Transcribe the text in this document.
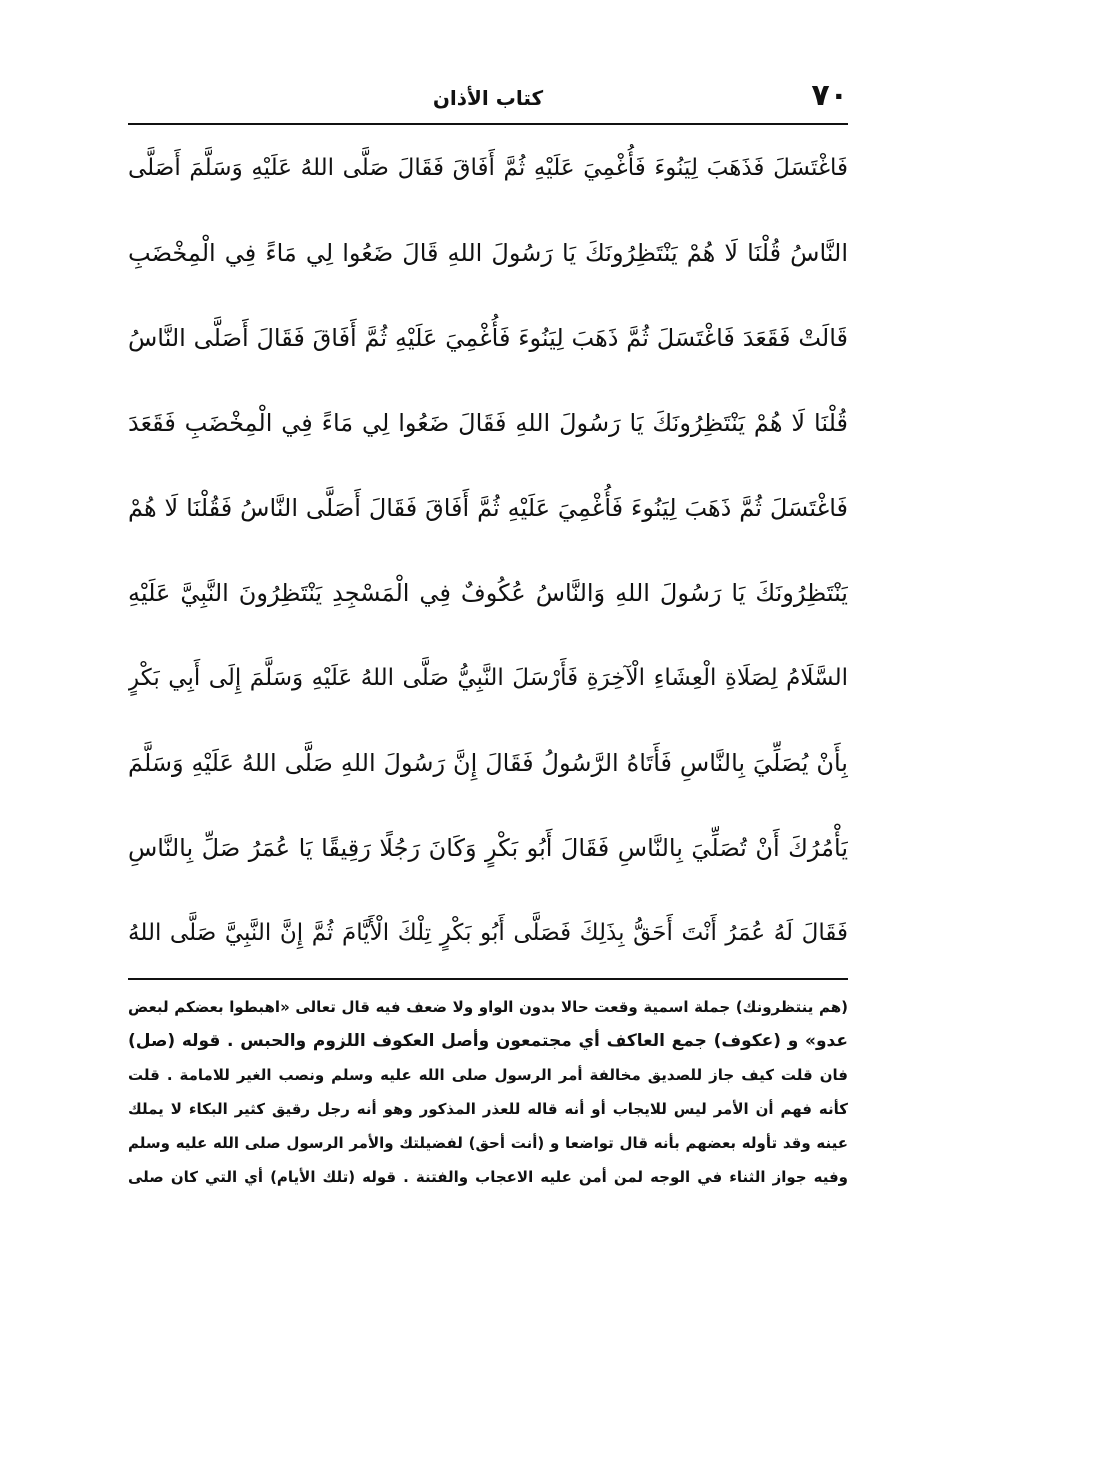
٧٠
كتاب الأذان

فَاغْتَسَلَ فَذَهَبَ لِيَنُوءَ فَأُغْمِيَ عَلَيْهِ ثُمَّ أَفَاقَ فَقَالَ صَلَّى اللهُ عَلَيْهِ وَسَلَّمَ أَصَلَّى

النَّاسُ قُلْنَا لَا هُمْ يَنْتَظِرُونَكَ يَا رَسُولَ اللهِ قَالَ ضَعُوا لِي مَاءً فِي الْمِخْضَبِ

قَالَتْ فَقَعَدَ فَاغْتَسَلَ ثُمَّ ذَهَبَ لِيَنُوءَ فَأُغْمِيَ عَلَيْهِ ثُمَّ أَفَاقَ فَقَالَ أَصَلَّى النَّاسُ

قُلْنَا لَا هُمْ يَنْتَظِرُونَكَ يَا رَسُولَ اللهِ فَقَالَ ضَعُوا لِي مَاءً فِي الْمِخْضَبِ فَقَعَدَ

فَاغْتَسَلَ ثُمَّ ذَهَبَ لِيَنُوءَ فَأُغْمِيَ عَلَيْهِ ثُمَّ أَفَاقَ فَقَالَ أَصَلَّى النَّاسُ فَقُلْنَا لَا هُمْ

يَنْتَظِرُونَكَ يَا رَسُولَ اللهِ وَالنَّاسُ عُكُوفٌ فِي الْمَسْجِدِ يَنْتَظِرُونَ النَّبِيَّ عَلَيْهِ

السَّلَامُ لِصَلَاةِ الْعِشَاءِ الْآخِرَةِ فَأَرْسَلَ النَّبِيُّ صَلَّى اللهُ عَلَيْهِ وَسَلَّمَ إِلَى أَبِي بَكْرٍ

بِأَنْ يُصَلِّيَ بِالنَّاسِ فَأَتَاهُ الرَّسُولُ فَقَالَ إِنَّ رَسُولَ اللهِ صَلَّى اللهُ عَلَيْهِ وَسَلَّمَ

يَأْمُرُكَ أَنْ تُصَلِّيَ بِالنَّاسِ فَقَالَ أَبُو بَكْرٍ وَكَانَ رَجُلًا رَقِيقًا يَا عُمَرُ صَلِّ بِالنَّاسِ

فَقَالَ لَهُ عُمَرُ أَنْتَ أَحَقُّ بِذَلِكَ فَصَلَّى أَبُو بَكْرٍ تِلْكَ الْأَيَّامَ ثُمَّ إِنَّ النَّبِيَّ صَلَّى اللهُ

(هم ينتظرونك) جملة اسمية وقعت حالا بدون الواو ولا ضعف فيه قال تعالى «اهبطوا بعضكم لبعض

عدو» و (عكوف) جمع العاكف أي مجتمعون وأصل العكوف اللزوم والحبس . قوله (صل)

فان قلت كيف جاز للصديق مخالفة أمر الرسول صلى الله عليه وسلم ونصب الغير للامامة . قلت

كأنه فهم أن الأمر ليس للايجاب أو أنه قاله للعذر المذكور وهو أنه رجل رقيق كثير البكاء لا يملك

عينه وقد تأوله بعضهم بأنه قال تواضعا و (أنت أحق) لفضيلتك والأمر الرسول صلى الله عليه وسلم

وفيه جواز الثناء في الوجه لمن أمن عليه الاعجاب والفتنة . قوله (تلك الأيام) أي التي كان صلى
